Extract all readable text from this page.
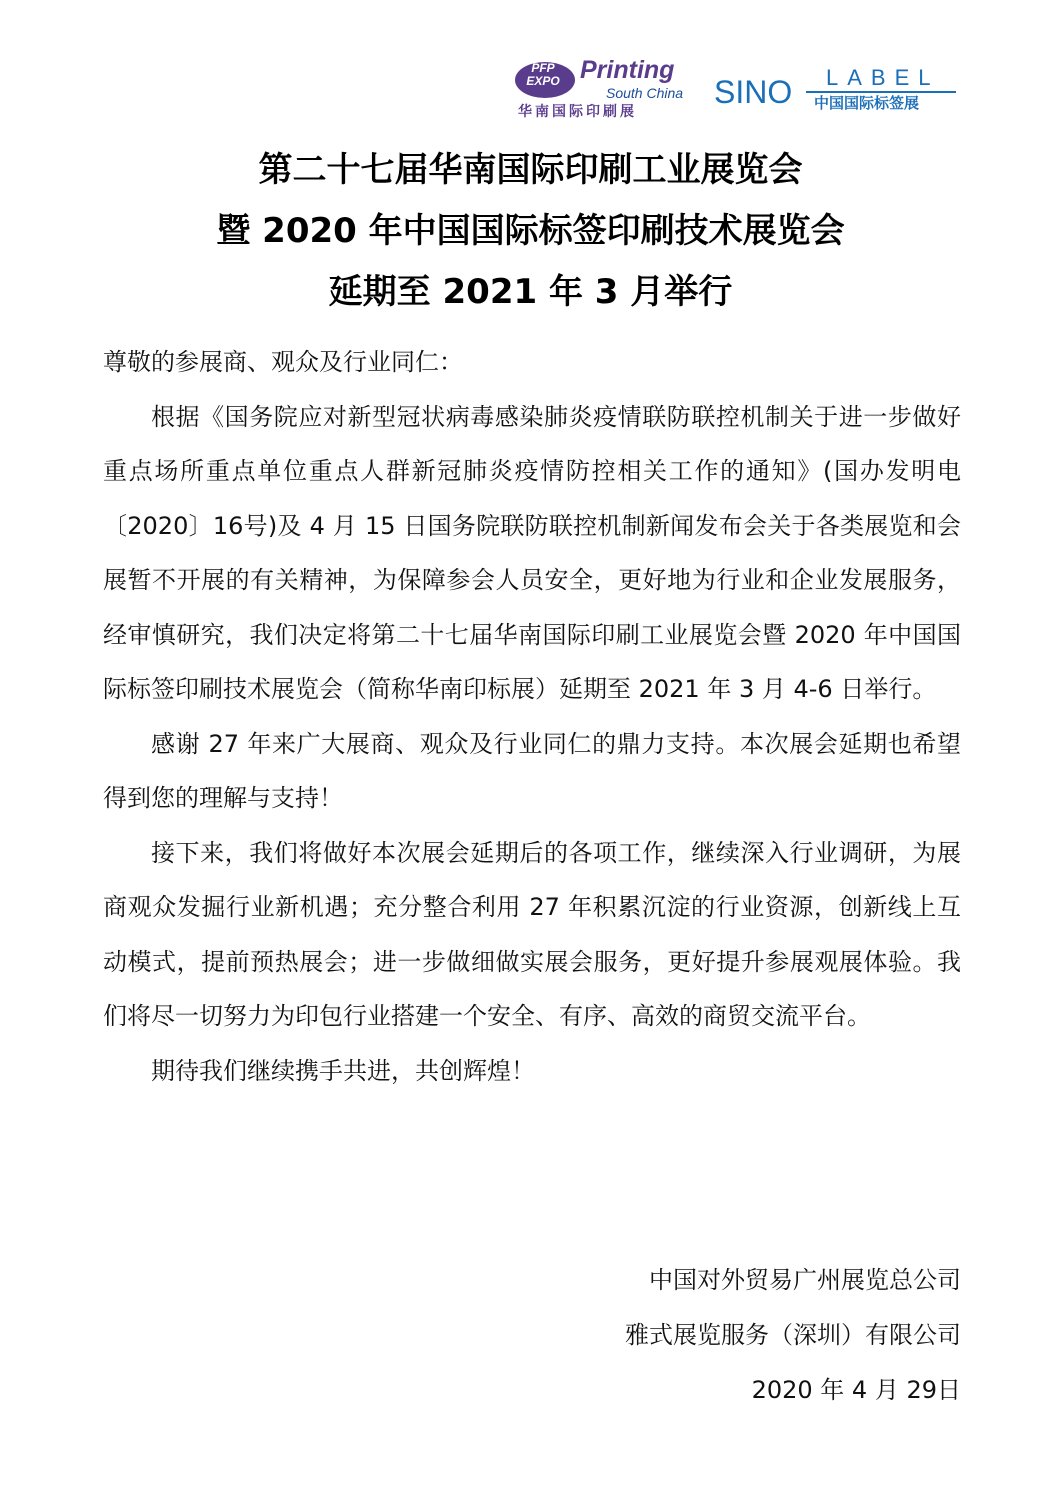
PFP EXPO Printing
South China
华南国际印刷展
SINO LABEL
中国国际标签展
第二十七届华南国际印刷工业展览会
暨 2020 年中国国际标签印刷技术展览会
延期至 2021 年 3 月举行

尊敬的参展商、观众及行业同仁：

根据《国务院应对新型冠状病毒感染肺炎疫情联防联控机制关于进一步做好重点场所重点单位重点人群新冠肺炎疫情防控相关工作的通知》(国办发明电〔2020〕16号)及 4 月 15 日国务院联防联控机制新闻发布会关于各类展览和会展暂不开展的有关精神，为保障参会人员安全，更好地为行业和企业发展服务，经审慎研究，我们决定将第二十七届华南国际印刷工业展览会暨 2020 年中国国际标签印刷技术展览会（简称华南印标展）延期至 2021 年 3 月 4-6 日举行。

感谢 27 年来广大展商、观众及行业同仁的鼎力支持。本次展会延期也希望得到您的理解与支持！

接下来，我们将做好本次展会延期后的各项工作，继续深入行业调研，为展商观众发掘行业新机遇；充分整合利用 27 年积累沉淀的行业资源，创新线上互动模式，提前预热展会；进一步做细做实展会服务，更好提升参展观展体验。我们将尽一切努力为印包行业搭建一个安全、有序、高效的商贸交流平台。

期待我们继续携手共进，共创辉煌！

中国对外贸易广州展览总公司
雅式展览服务（深圳）有限公司
2020 年 4 月 29日
